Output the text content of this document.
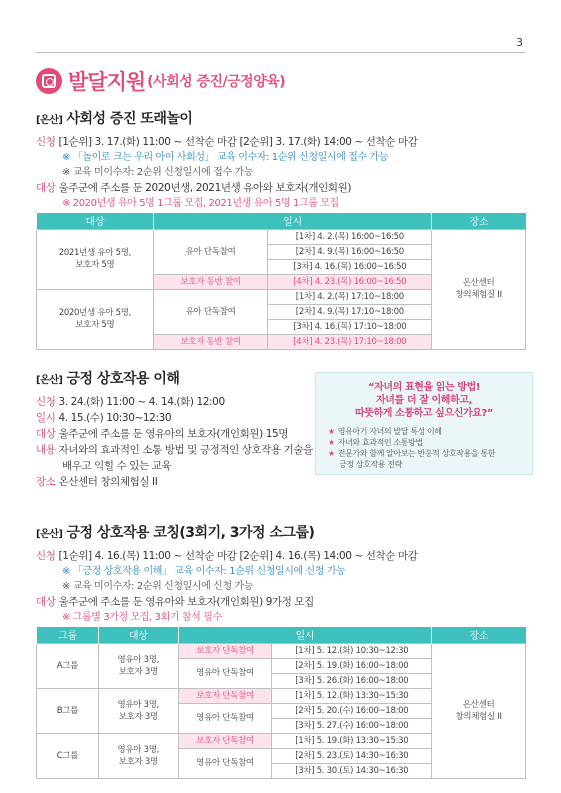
3
발달지원 (사회성 증진/긍정양육)
[온산] 사회성 증진 또래놀이
신청 [1순위] 3. 17.(화) 11:00 ~ 선착순 마감 [2순위] 3. 17.(화) 14:00 ~ 선착순 마감
※ 「놀이로 크는 우리 아이 사회성」 교육 이수자: 1순위 신청일시에 접수 가능
※ 교육 미이수자: 2순위 신청일시에 접수 가능
대상 울주군에 주소를 둔 2020년생, 2021년생 유아와 보호자(개인회원)
※ 2020년생 유아 5명 1그룹 모집, 2021년생 유아 5명 1그룹 모집
대상	일시		장소
2021년생 유아 5명,
보호자 5명	유아 단독참여	[1차] 4. 2.(목) 16:00~16:50	온산센터
창의체험실 II
		[2차] 4. 9.(목) 16:00~16:50	
		[3차] 4. 16.(목) 16:00~16:50	
	보호자 동반 참여	[4차] 4. 23.(목) 16:00~16:50	
2020년생 유아 5명,
보호자 5명	유아 단독참여	[1차] 4. 2.(목) 17:10~18:00	
		[2차] 4. 9.(목) 17:10~18:00	
		[3차] 4. 16.(목) 17:10~18:00	
	보호자 동반 참여	[4차] 4. 23.(목) 17:10~18:00	
[온산] 긍정 상호작용 이해
신청 3. 24.(화) 11:00 ~ 4. 14.(화) 12:00
일시 4. 15.(수) 10:30~12:30
대상 울주군에 주소를 둔 영유아의 보호자(개인회원) 15명
내용 자녀와의 효과적인 소통 방법 및 긍정적인 상호작용 기술을
배우고 익힐 수 있는 교육
장소 온산센터 창의체험실 II
“자녀의 표현을 읽는 방법!
자녀를 더 잘 이해하고,
따뜻하게 소통하고 싶으신가요?”
★ 영유아기 자녀의 발달 특성 이해
★ 자녀와 효과적인 소통방법
★ 전문가와 함께 알아보는 반응적 상호작용을 통한
긍정 상호작용 전략
[온산] 긍정 상호작용 코칭(3회기, 3가정 소그룹)
신청 [1순위] 4. 16.(목) 11:00 ~ 선착순 마감 [2순위] 4. 16.(목) 14:00 ~ 선착순 마감
※ 「긍정 상호작용 이해」 교육 이수자: 1순위 신청일시에 신청 가능
※ 교육 미이수자: 2순위 신청일시에 신청 가능
대상 울주군에 주소를 둔 영유아와 보호자(개인회원) 9가정 모집
※ 그룹별 3가정 모집, 3회기 참석 필수
그룹	대상	일시		장소
A그룹	영유아 3명,
보호자 3명	보호자 단독참여	[1차] 5. 12.(화) 10:30~12:30	온산센터
창의체험실 II
		영유아 단독참여	[2차] 5. 19.(화) 16:00~18:00	
			[3차] 5. 26.(화) 16:00~18:00	
B그룹	영유아 3명,
보호자 3명	보호자 단독참여	[1차] 5. 12.(화) 13:30~15:30	
		영유아 단독참여	[2차] 5. 20.(수) 16:00~18:00	
			[3차] 5. 27.(수) 16:00~18:00	
C그룹	영유아 3명,
보호자 3명	보호자 단독참여	[1차] 5. 19.(화) 13:30~15:30	
		영유아 단독참여	[2차] 5. 23.(토) 14:30~16:30	
			[3차] 5. 30.(토) 14:30~16:30	
